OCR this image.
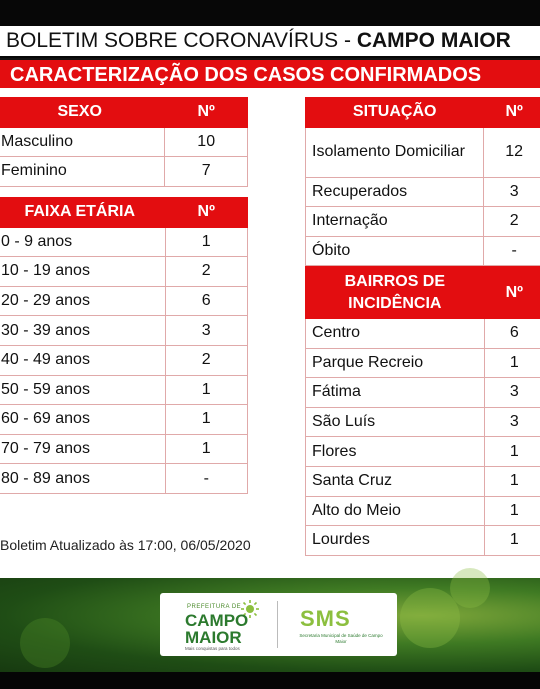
BOLETIM SOBRE CORONAVÍRUS - CAMPO MAIOR
CARACTERIZAÇÃO DOS CASOS CONFIRMADOS
SEXO	Nº
Masculino	10
Feminino	7
FAIXA ETÁRIA	Nº
0 - 9 anos	1
10 - 19 anos	2
20 - 29 anos	6
30 - 39 anos	3
40 - 49 anos	2
50 - 59 anos	1
60 - 69 anos	1
70 - 79 anos	1
80 - 89 anos	-
SITUAÇÃO	Nº
Isolamento Domiciliar	12
Recuperados	3
Internação	2
Óbito	-
BAIRROS DE INCIDÊNCIA	Nº
Centro	6
Parque Recreio	1
Fátima	3
São Luís	3
Flores	1
Santa Cruz	1
Alto do Meio	1
Lourdes	1
Boletim Atualizado às 17:00, 06/05/2020
PREFEITURA DE
CAMPO
MAIOR
Mais conquistas para todos
SMS
Secretaria Municipal de Saúde de Campo Maior
